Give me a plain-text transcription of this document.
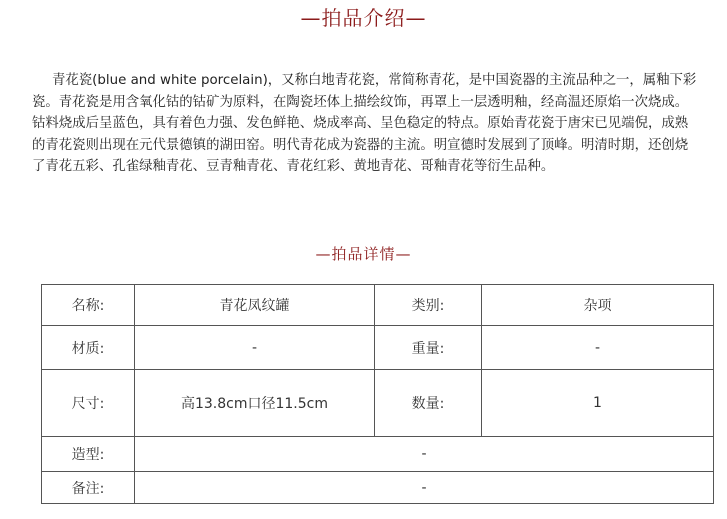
—拍品介绍—

青花瓷(blue and white porcelain)，又称白地青花瓷，常简称青花，是中国瓷器的主流品种之一，属釉下彩瓷。青花瓷是用含氧化钴的钴矿为原料，在陶瓷坯体上描绘纹饰，再罩上一层透明釉，经高温还原焰一次烧成。钴料烧成后呈蓝色，具有着色力强、发色鲜艳、烧成率高、呈色稳定的特点。原始青花瓷于唐宋已见端倪，成熟的青花瓷则出现在元代景德镇的湖田窑。明代青花成为瓷器的主流。明宣德时发展到了顶峰。明清时期，还创烧了青花五彩、孔雀绿釉青花、豆青釉青花、青花红彩、黄地青花、哥釉青花等衍生品种。

—拍品详情—
名称:	青花凤纹罐	类别:	杂项
材质:	-	重量:	-
尺寸:	高13.8cm口径11.5cm	数量:	1
造型:	-		
备注:	-		
